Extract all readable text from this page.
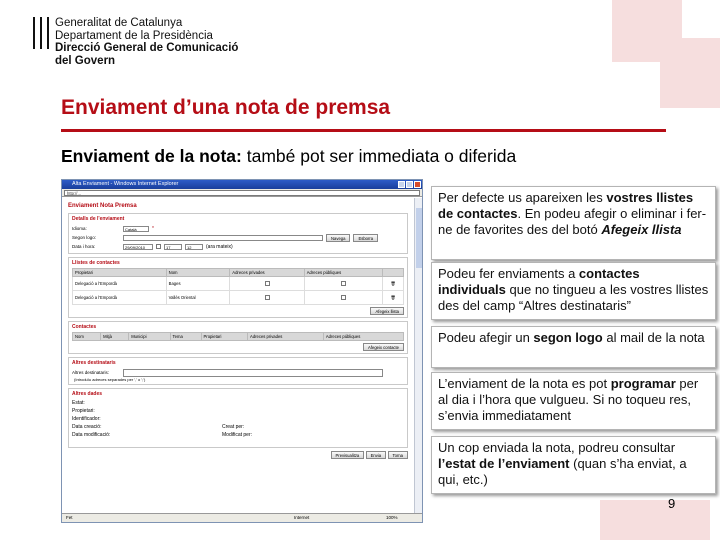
Generalitat de Catalunya
Departament de la Presidència
Direcció General de Comunicació
del Govern
Enviament d’una nota de premsa
Enviament de la nota: també pot ser immediata o diferida
Alta Enviament - Windows Internet Explorer
http://...
Enviament Nota Premsa
Detalls de l'enviament
Idioma:	Català	*
Segon logo:	Navega	Esborra
Data i hora:	29/09/2010	17	12	(ara mateix)
Llistes de contactes
Propietari	Nom	Adreces privades	Adreces públiques	
Delegació a l'Empordà	Bages			🗑
Delegació a l'Empordà	Vallès Oriental			🗑
Afegeix llista
Contactes
Nom	Mitjà	Municipi	Tema	Propietari	Adreces privades	Adreces públiques
Afegeix contacte
Altres destinataris
Altres destinataris:
(Introduïu adreces separades per ',' o ';')
Altres dades
Estat:
Propietari:
Identificador:
Data creació:
Data modificació:
Creat per:
Modificat per:
Previsualitza	Envia	Torna
Fet	Internet	100%
Per defecte us apareixen les vostres llistes de contactes. En podeu afegir o eliminar i fer-ne de favorites des del botó Afegeix llista
Podeu fer enviaments a contactes individuals que no tingueu a les vostres llistes des del camp “Altres destinataris”
Podeu afegir un segon logo al mail de la nota
L’enviament de la nota es pot programar per al dia i l’hora que vulgueu. Si no toqueu res, s’envia immediatament
Un cop enviada la nota, podreu consultar l’estat de l’enviament (quan s’ha enviat, a qui, etc.)
9
